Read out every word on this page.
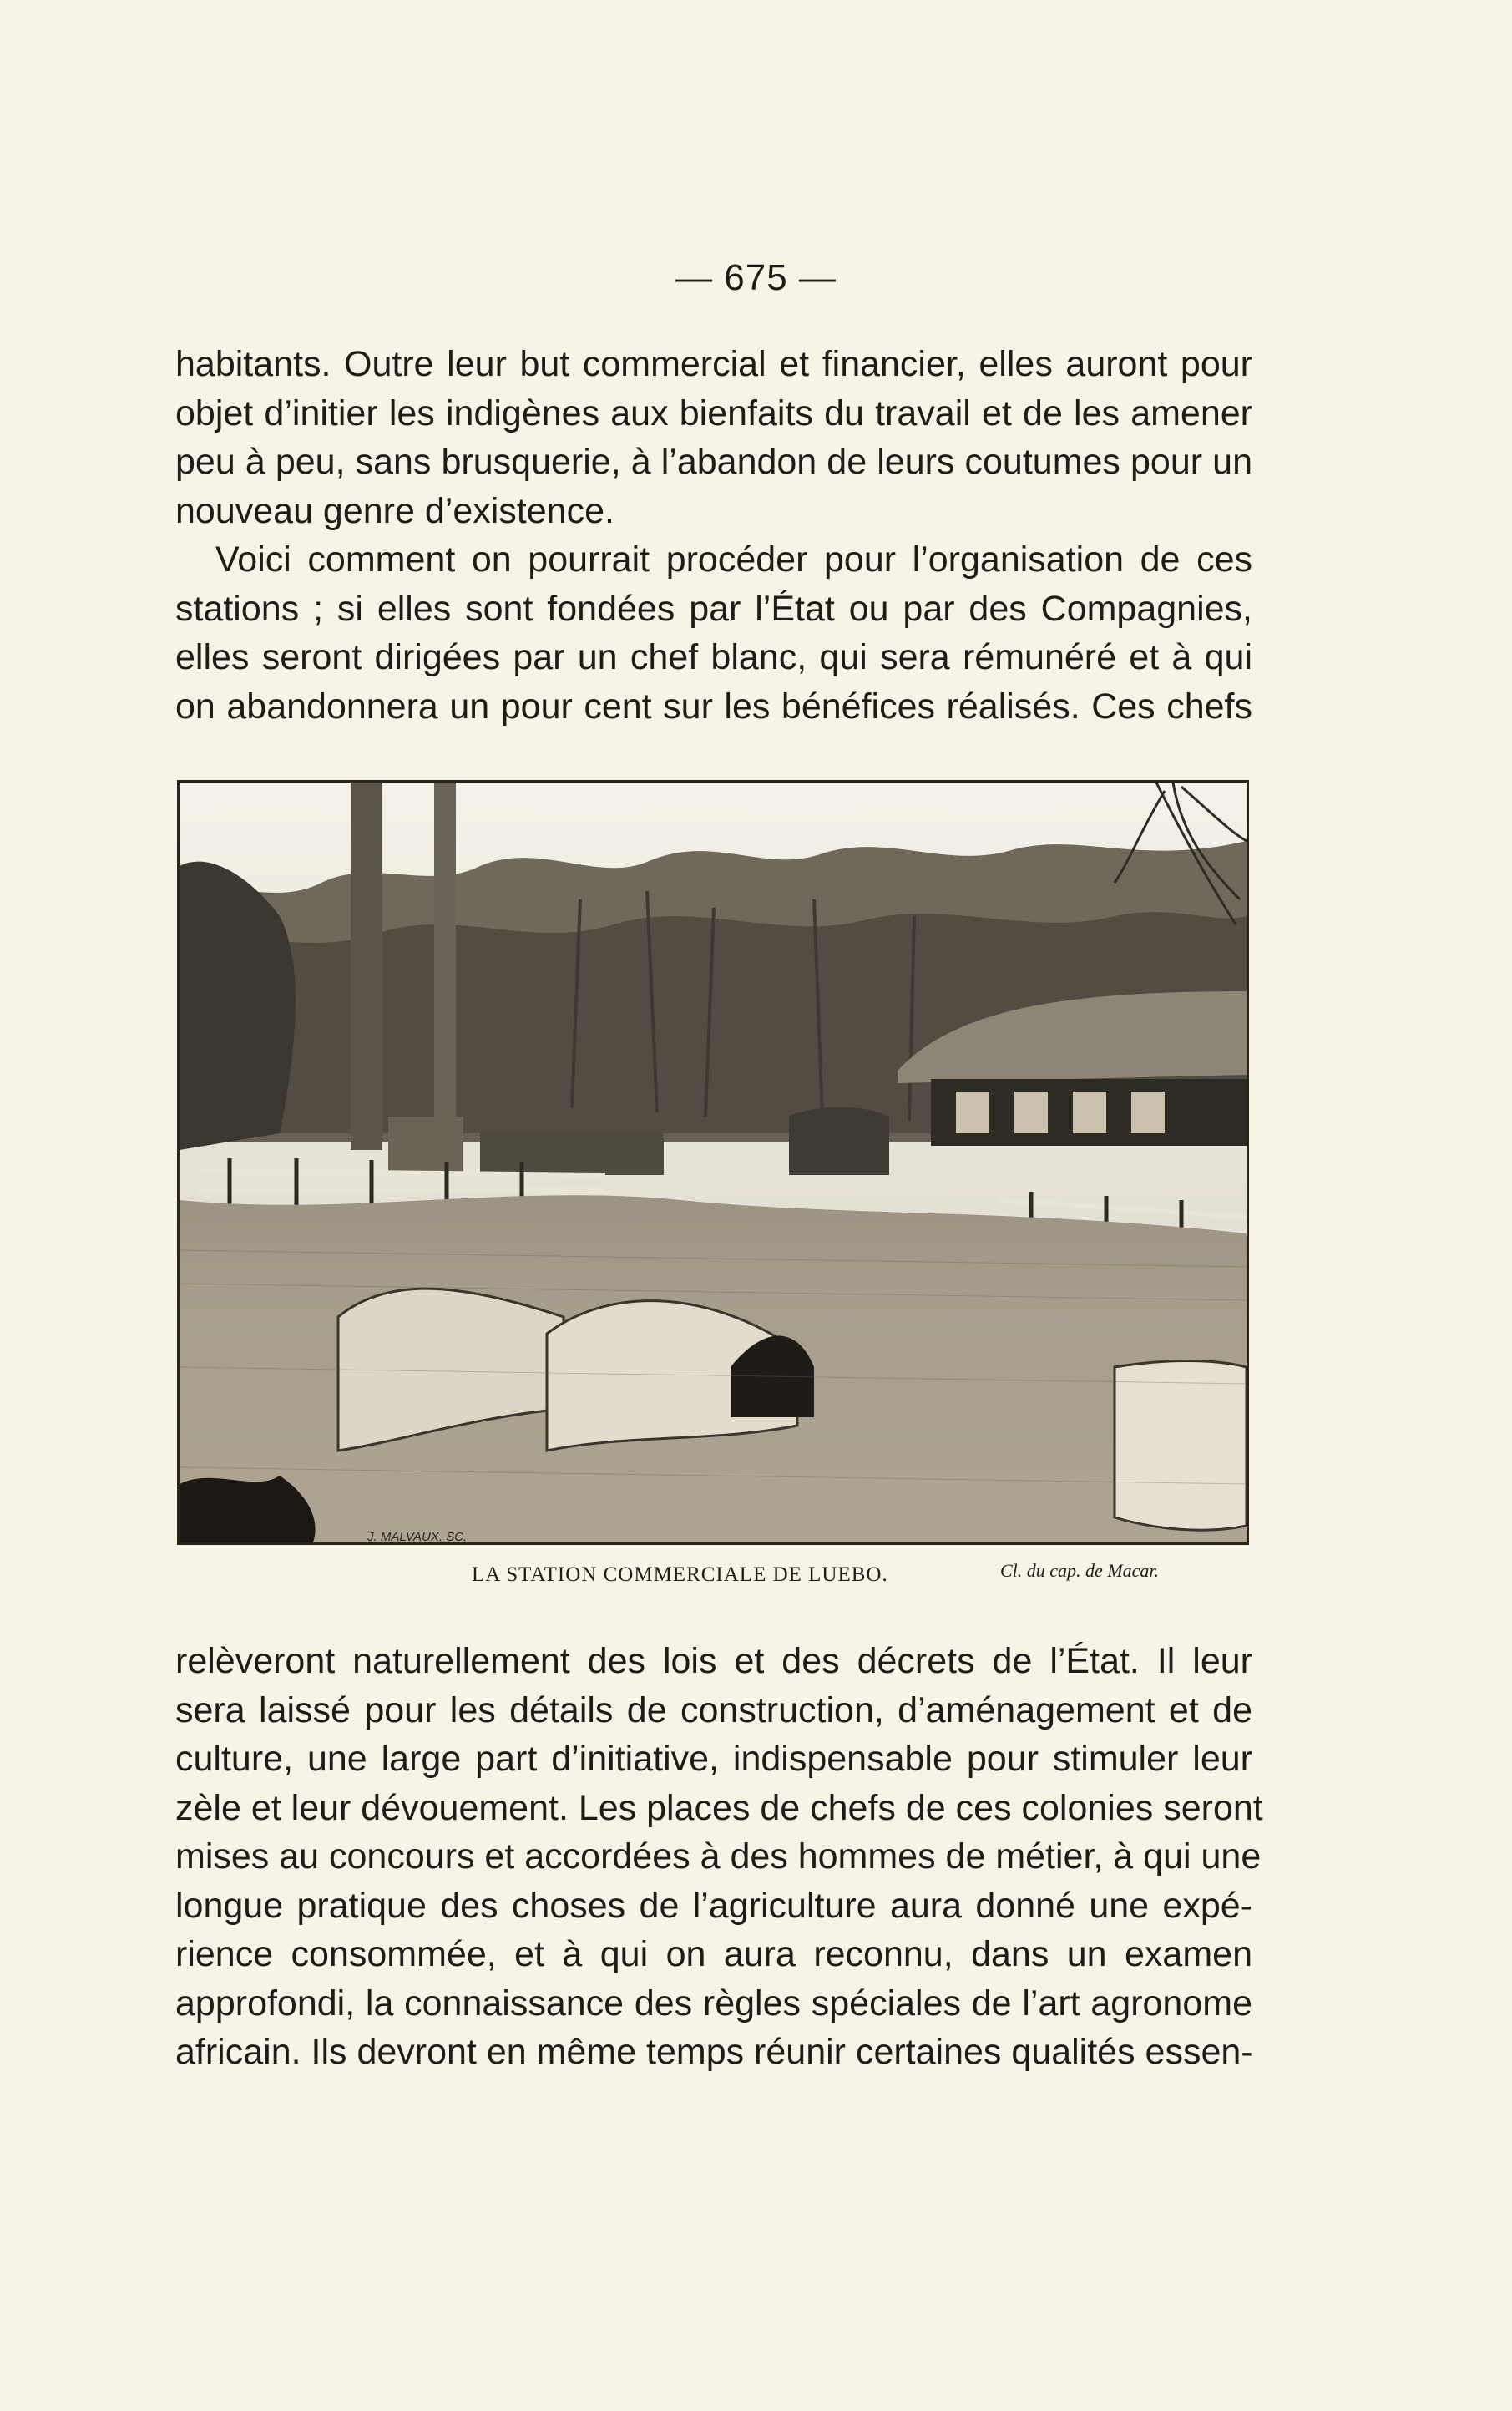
— 675 —
habitants. Outre leur but commercial et financier, elles auront pour
objet d’initier les indigènes aux bienfaits du travail et de les amener
peu à peu, sans brusquerie, à l’abandon de leurs coutumes pour un
nouveau genre d’existence.
Voici comment on pourrait procéder pour l’organisation de ces
stations ; si elles sont fondées par l’État ou par des Compagnies,
elles seront dirigées par un chef blanc, qui sera rémunéré et à qui
on abandonnera un pour cent sur les bénéfices réalisés. Ces chefs
J. MALVAUX. SC.
LA STATION COMMERCIALE DE LUEBO.	Cl. du cap. de Macar.
relèveront naturellement des lois et des décrets de l’État. Il leur
sera laissé pour les détails de construction, d’aménagement et de
culture, une large part d’initiative, indispensable pour stimuler leur
zèle et leur dévouement. Les places de chefs de ces colonies seront
mises au concours et accordées à des hommes de métier, à qui une
longue pratique des choses de l’agriculture aura donné une expé-
rience consommée, et à qui on aura reconnu, dans un examen
approfondi, la connaissance des règles spéciales de l’art agronome
africain. Ils devront en même temps réunir certaines qualités essen-
